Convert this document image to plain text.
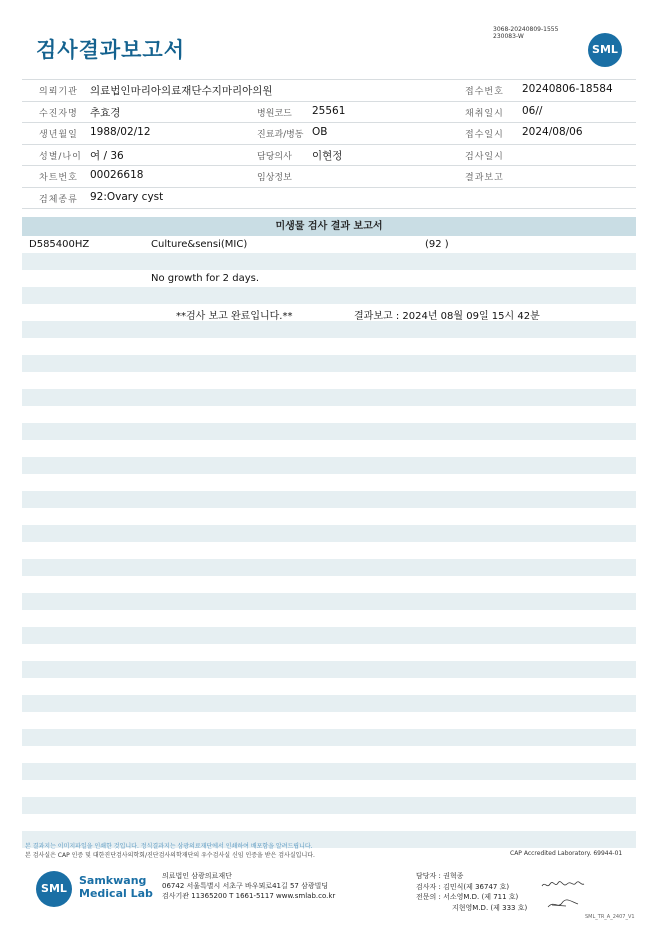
검사결과보고서
3068-20240809-1555
230083-W
SML
의뢰기관 의료법인마리아의료재단수지마리아의원	접수번호 20240806-18584
수진자명 추효경	병원코드 25561	채취일시 06//
생년월일 1988/02/12	진료과/병동 OB	접수일시 2024/08/06
성별/나이 여 / 36	담당의사 이현정	검사일시
차트번호 00026618	임상정보	결과보고
검체종류 92:Ovary cyst
미생물 검사 결과 보고서
D585400HZ	Culture&sensi(MIC)	(92 )
No growth for 2 days.
**검사 보고 완료입니다.**	결과보고 : 2024년 08월 09일 15시 42분
본 결과지는 이미지파일을 인쇄한 것입니다. 정식결과지는 삼광의료재단에서 인쇄하여 배포함을 알려드립니다.
본 검사실은 CAP 인증 및 대한진단검사의학회/진단검사의학재단의 우수검사실 신임 인증을 받은 검사실입니다.	CAP Accredited Laboratory. 69944-01
SML
Samkwang
Medical Lab
의료법인 삼광의료재단
06742 서울특별시 서초구 바우뫼로41길 57 삼광빌딩
검사기관 11365200 T 1661-5117 www.smlab.co.kr
담당자 : 권혁종
검사자 : 김민식(제 36747 호)
전문의 : 서소영M.D. (제 711 호)
지현영M.D. (제 333 호)
SML_TR_A_2407_V1
